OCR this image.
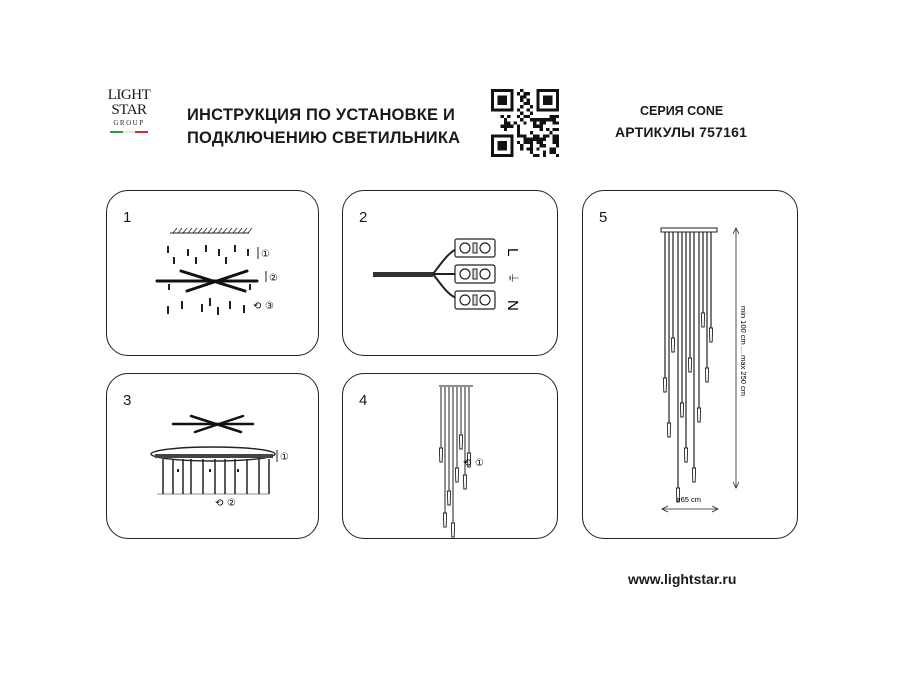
LIGHT
STAR
GROUP	ИНСТРУКЦИЯ ПО УСТАНОВКЕ И
ПОДКЛЮЧЕНИЮ СВЕТИЛЬНИКА
СЕРИЯ CONE
АРТИКУЛЫ 757161
1
①
②
⟲ ③
2
L
⏚
N
3
①
⟲ ②
4
⟲ ①
5
min 100 cm ... max 250 cm
ø65 cm
www.lightstar.ru
